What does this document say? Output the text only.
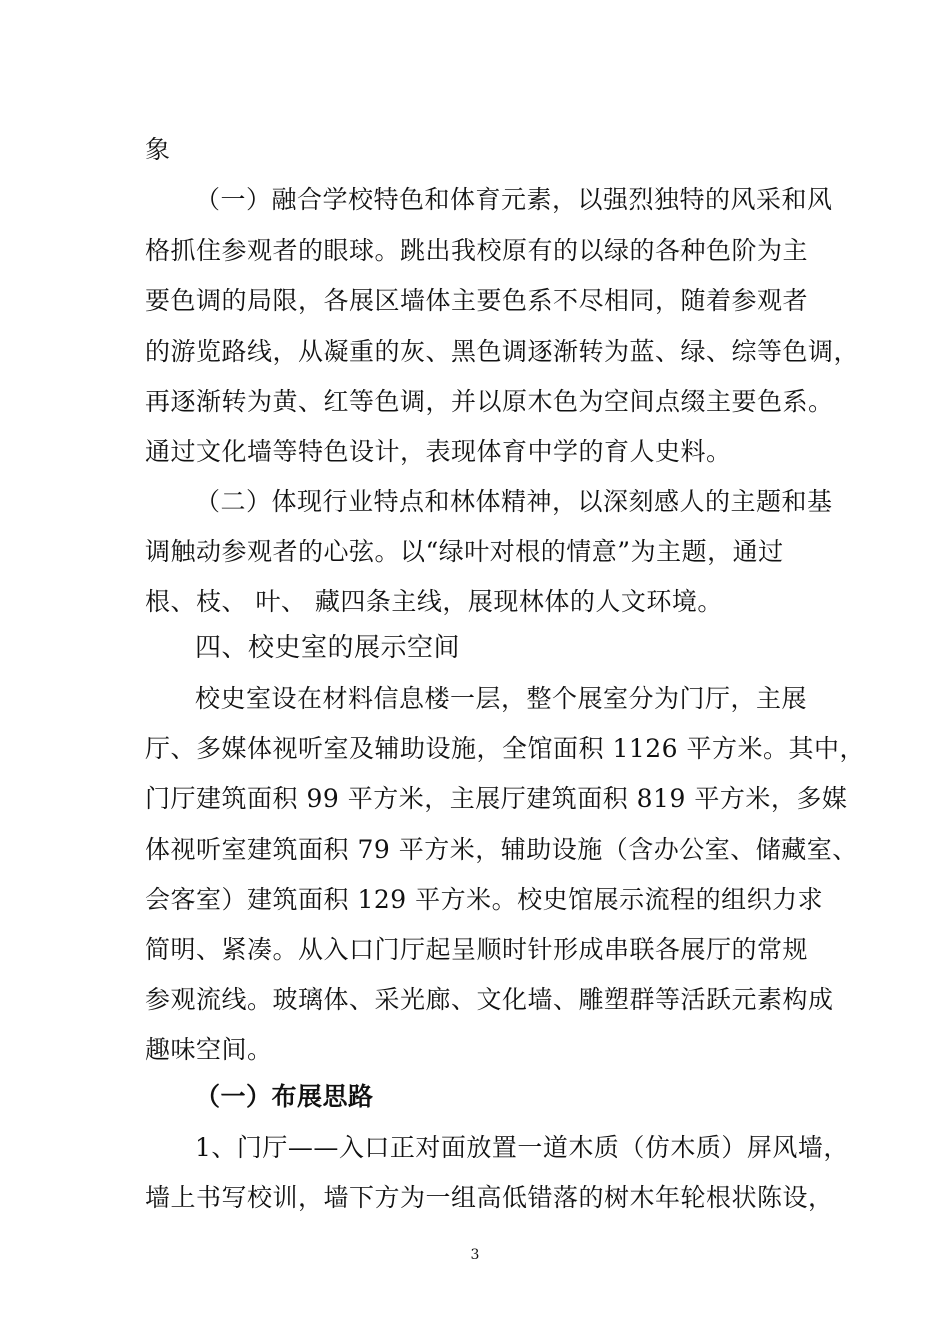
象
（一）融合学校特色和体育元素，以强烈独特的风采和风
格抓住参观者的眼球。跳出我校原有的以绿的各种色阶为主
要色调的局限，各展区墙体主要色系不尽相同，随着参观者
的游览路线，从凝重的灰、黑色调逐渐转为蓝、绿、综等色调，
再逐渐转为黄、红等色调，并以原木色为空间点缀主要色系。
通过文化墙等特色设计，表现体育中学的育人史料。
（二）体现行业特点和林体精神，以深刻感人的主题和基
调触动参观者的心弦。以“绿叶对根的情意”为主题，通过
根、枝、 叶、 藏四条主线，展现林体的人文环境。
四、校史室的展示空间
校史室设在材料信息楼一层，整个展室分为门厅，主展
厅、多媒体视听室及辅助设施，全馆面积 1126 平方米。其中，
门厅建筑面积 99 平方米，主展厅建筑面积 819 平方米，多媒
体视听室建筑面积 79 平方米，辅助设施（含办公室、储藏室、
会客室）建筑面积 129 平方米。校史馆展示流程的组织力求
简明、紧凑。从入口门厅起呈顺时针形成串联各展厅的常规
参观流线。玻璃体、采光廊、文化墙、雕塑群等活跃元素构成
趣味空间。
（一）布展思路
1、门厅——入口正对面放置一道木质（仿木质）屏风墙，
墙上书写校训，墙下方为一组高低错落的树木年轮根状陈设，
3
